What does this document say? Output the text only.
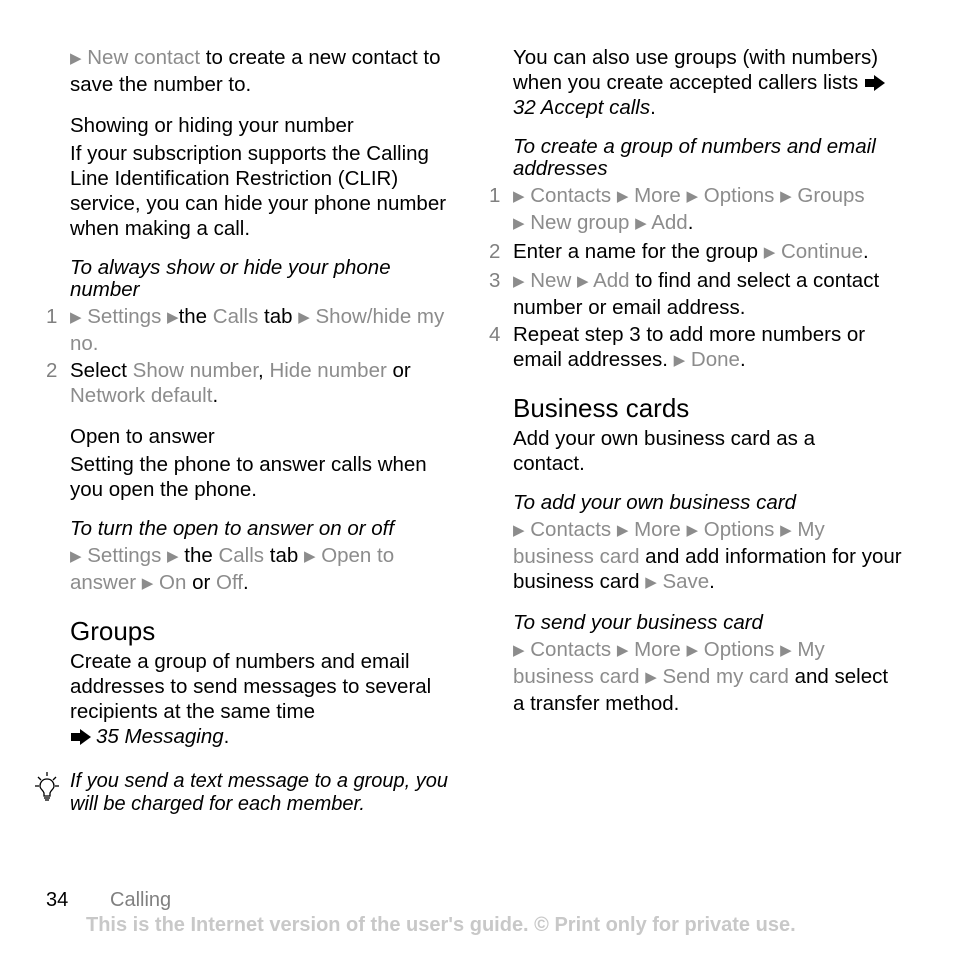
▶ New contact to create a new contact to save the number to.

Showing or hiding your number

If your subscription supports the Calling Line Identification Restriction (CLIR) service, you can hide your phone number when making a call.

To always show or hide your phone number

1 ▶ Settings ▶the Calls tab ▶ Show/hide my no.

2 Select Show number, Hide number or Network default.

Open to answer

Setting the phone to answer calls when you open the phone.

To turn the open to answer on or off

▶ Settings ▶ the Calls tab ▶ Open to answer ▶ On or Off.

Groups

Create a group of numbers and email addresses to send messages to several recipients at the same time
35 Messaging.

If you send a text message to a group, you will be charged for each member.

You can also use groups (with numbers) when you create accepted callers lists 32 Accept calls.

To create a group of numbers and email addresses

1 ▶ Contacts ▶ More ▶ Options ▶ Groups
▶ New group ▶ Add.

2 Enter a name for the group ▶ Continue.

3 ▶ New ▶ Add to find and select a contact number or email address.

4 Repeat step 3 to add more numbers or email addresses. ▶ Done.

Business cards

Add your own business card as a contact.

To add your own business card

▶ Contacts ▶ More ▶ Options ▶ My business card and add information for your business card ▶ Save.

To send your business card

▶ Contacts ▶ More ▶ Options ▶ My business card ▶ Send my card and select a transfer method.

34 Calling
This is the Internet version of the user's guide. © Print only for private use.
